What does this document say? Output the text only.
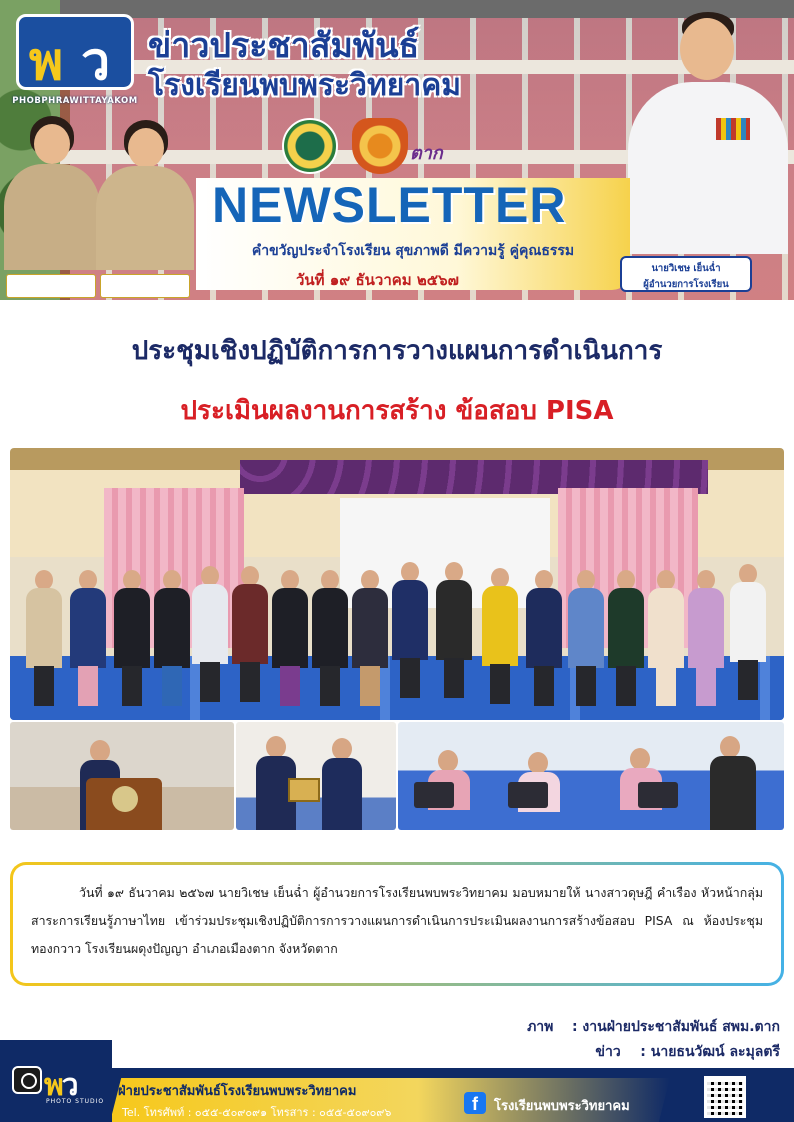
พ ว
PHOBPHRAWITTAYAKOM
ข่าวประชาสัมพันธ์
โรงเรียนพบพระวิทยาคม
ตาก
NEWSLETTER
คำขวัญประจำโรงเรียน สุขภาพดี มีความรู้ คู่คุณธรรม
วันที่ ๑๙ ธันวาคม ๒๕๖๗
นายวิเชษ เย็นฉ่ำ
ผู้อำนวยการโรงเรียน
ประชุมเชิงปฏิบัติการการวางแผนการดำเนินการ
ประเมินผลงานการสร้าง ข้อสอบ PISA

วันที่ ๑๙ ธันวาคม ๒๕๖๗ นายวิเชษ เย็นฉ่ำ ผู้อำนวยการโรงเรียนพบพระวิทยาคม มอบหมายให้ นางสาวดุษฎี คำเรือง หัวหน้ากลุ่มสาระการเรียนรู้ภาษาไทย เข้าร่วมประชุมเชิงปฏิบัติการการวางแผนการดำเนินการประเมินผลงานการสร้างข้อสอบ PISA ณ ห้องประชุมทองกวาว โรงเรียนผดุงปัญญา อำเภอเมืองตาก จังหวัดตาก

ภาพ : งานฝ่ายประชาสัมพันธ์ สพม.ตาก
ข่าว : นายธนวัฒน์ ละมุลตรี
พว
PHOTO STUDIO
ฝ่ายประชาสัมพันธ์โรงเรียนพบพระวิทยาคม
Tel. โทรศัพท์ : ๐๕๕-๕๐๙๐๙๑ โทรสาร : ๐๕๕-๕๐๙๐๙๖	f	โรงเรียนพบพระวิทยาคม
